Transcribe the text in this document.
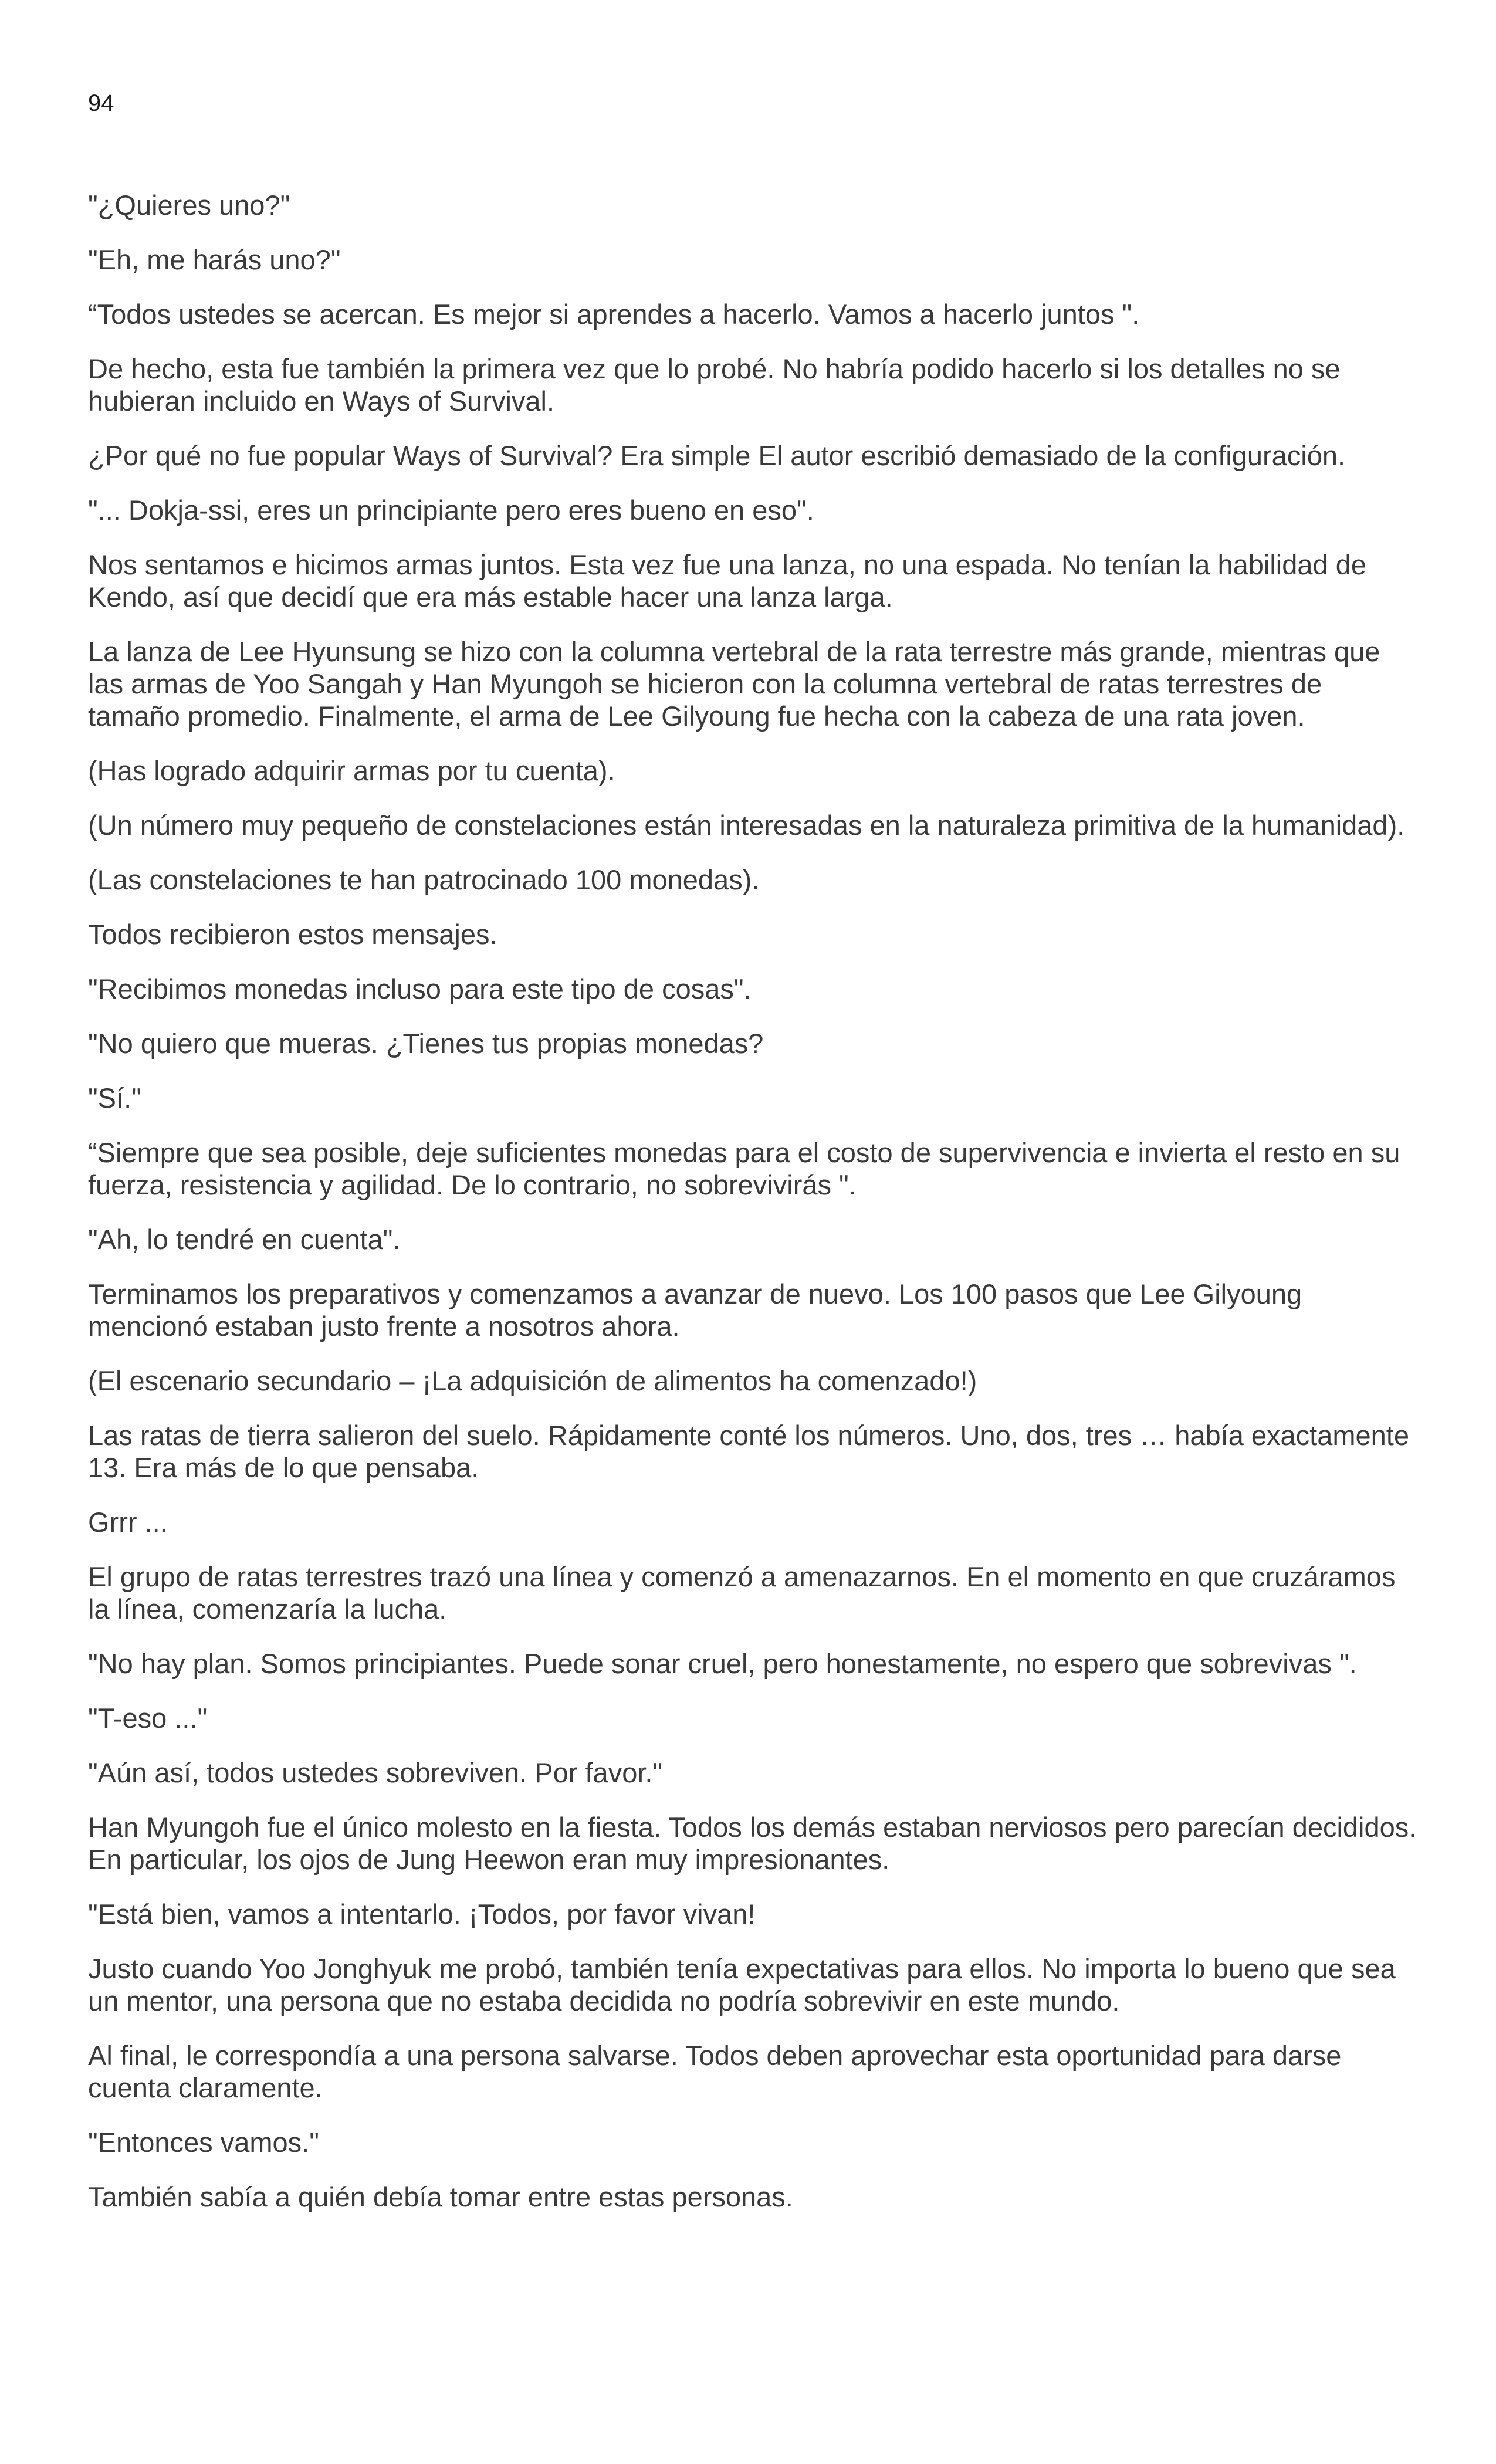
94

"¿Quieres uno?"

"Eh, me harás uno?"

“Todos ustedes se acercan. Es mejor si aprendes a hacerlo. Vamos a hacerlo juntos ".

De hecho, esta fue también la primera vez que lo probé. No habría podido hacerlo si los detalles no se hubieran incluido en Ways of Survival.

¿Por qué no fue popular Ways of Survival? Era simple El autor escribió demasiado de la configuración.

"... Dokja-ssi, eres un principiante pero eres bueno en eso".

Nos sentamos e hicimos armas juntos. Esta vez fue una lanza, no una espada. No tenían la habilidad de Kendo, así que decidí que era más estable hacer una lanza larga.

La lanza de Lee Hyunsung se hizo con la columna vertebral de la rata terrestre más grande, mientras que las armas de Yoo Sangah y Han Myungoh se hicieron con la columna vertebral de ratas terrestres de tamaño promedio. Finalmente, el arma de Lee Gilyoung fue hecha con la cabeza de una rata joven.

(Has logrado adquirir armas por tu cuenta).

(Un número muy pequeño de constelaciones están interesadas en la naturaleza primitiva de la humanidad).

(Las constelaciones te han patrocinado 100 monedas).

Todos recibieron estos mensajes.

"Recibimos monedas incluso para este tipo de cosas".

"No quiero que mueras. ¿Tienes tus propias monedas?

"Sí."

“Siempre que sea posible, deje suficientes monedas para el costo de supervivencia e invierta el resto en su fuerza, resistencia y agilidad. De lo contrario, no sobrevivirás ".

"Ah, lo tendré en cuenta".

Terminamos los preparativos y comenzamos a avanzar de nuevo. Los 100 pasos que Lee Gilyoung mencionó estaban justo frente a nosotros ahora.

(El escenario secundario – ¡La adquisición de alimentos ha comenzado!)

Las ratas de tierra salieron del suelo. Rápidamente conté los números. Uno, dos, tres … había exactamente 13. Era más de lo que pensaba.

Grrr ...

El grupo de ratas terrestres trazó una línea y comenzó a amenazarnos. En el momento en que cruzáramos la línea, comenzaría la lucha.

"No hay plan. Somos principiantes. Puede sonar cruel, pero honestamente, no espero que sobrevivas ".

"T-eso ..."

"Aún así, todos ustedes sobreviven. Por favor."

Han Myungoh fue el único molesto en la fiesta. Todos los demás estaban nerviosos pero parecían decididos. En particular, los ojos de Jung Heewon eran muy impresionantes.

"Está bien, vamos a intentarlo. ¡Todos, por favor vivan!

Justo cuando Yoo Jonghyuk me probó, también tenía expectativas para ellos. No importa lo bueno que sea un mentor, una persona que no estaba decidida no podría sobrevivir en este mundo.

Al final, le correspondía a una persona salvarse. Todos deben aprovechar esta oportunidad para darse cuenta claramente.

"Entonces vamos."

También sabía a quién debía tomar entre estas personas.
